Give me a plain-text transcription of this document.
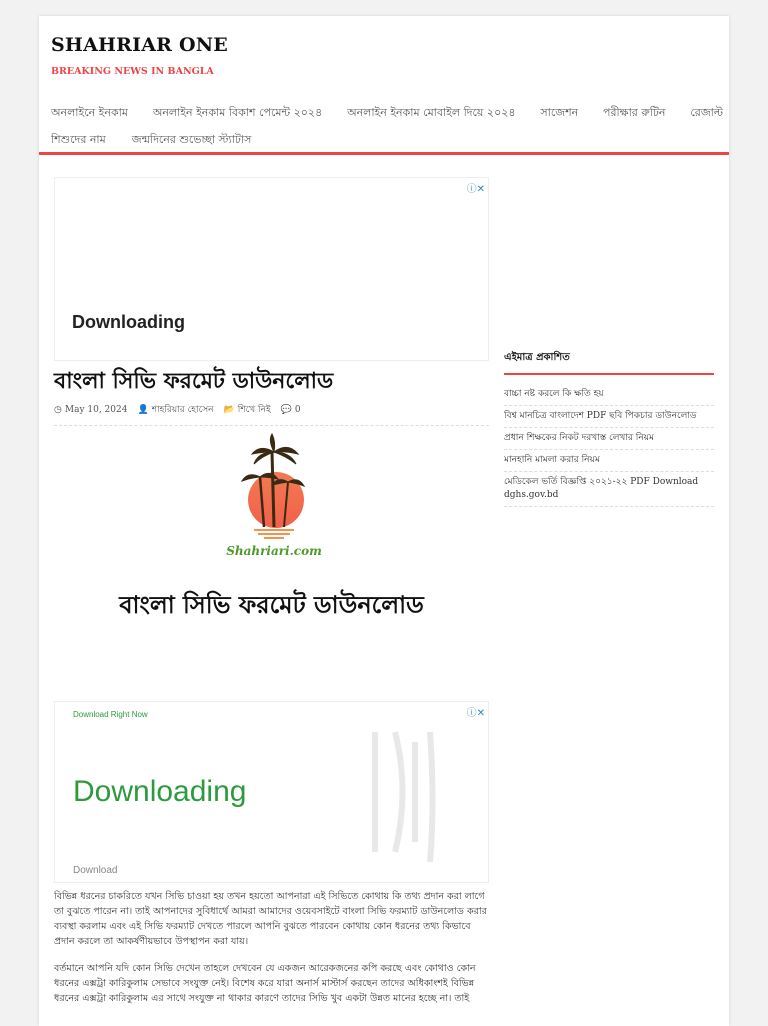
SHAHRIAR ONE
BREAKING NEWS IN BANGLA
অনলাইনে ইনকাম অনলাইন ইনকাম বিকাশ পেমেন্ট ২০২৪ অনলাইন ইনকাম মোবাইল দিয়ে ২০২৪ সাজেশন পরীক্ষার রুটিন রেজাল্ট
শিশুদের নাম জন্মদিনের শুভেচ্ছা স্ট্যাটাস
ⓘ✕
Downloading
বাংলা সিভি ফরমেট ডাউনলোড
◷ May 10, 2024 👤 শাহরিয়ার হোসেন 📂 শিখে নিই 💬 0
Shahriari.com
বাংলা সিভি ফরমেট ডাউনলোড
ⓘ✕
Download Right Now
Downloading
Download

বিভিন্ন ধরনের চাকরিতে যখন সিভি চাওয়া হয় তখন হয়তো আপনারা এই সিভিতে কোথায় কি তথ্য প্রদান করা লাগে তা বুঝতে পারেন না। তাই আপনাদের সুবিধার্থে আমরা আমাদের ওয়েবসাইটে বাংলা সিভি ফরম্যাট ডাউনলোড করার ব্যবস্থা করলাম এবং এই সিভি ফরম্যাট দেখতে পারলে আপনি বুঝতে পারবেন কোথায় কোন ধরনের তথ্য কিভাবে প্রদান করলে তা আকর্ষণীয়ভাবে উপস্থাপন করা যায়।

বর্তমানে আপনি যদি কোন সিভি দেখেন তাহলে দেখবেন যে একজন আরেকজনের কপি করছে এবং কোথাও কোন ধরনের এক্সট্রা কারিকুলাম সেভাবে সংযুক্ত নেই। বিশেষ করে যারা অনার্স মাস্টার্স করছেন তাদের অধিকাংশই বিভিন্ন ধরনের এক্সট্রা কারিকুলাম এর সাথে সংযুক্ত না থাকার কারণে তাদের সিভি খুব একটা উন্নত মানের হচ্ছে না। তাই

এইমাত্র প্রকাশিত
বাচ্চা নষ্ট করলে কি ক্ষতি হয়
বিশ্ব মানচিত্র বাংলাদেশ PDF ছবি পিকচার ডাউনলোড
প্রধান শিক্ষকের নিকট দরখাস্ত লেখার নিয়ম
মানহানি মামলা করার নিয়ম
মেডিকেল ভর্তি বিজ্ঞপ্তি ২০২১-২২ PDF Download dghs.gov.bd
